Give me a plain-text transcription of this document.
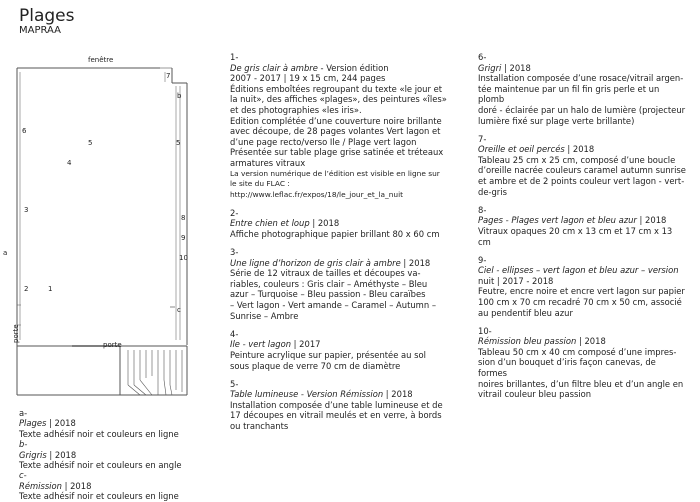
Plages
MAPRAA
fenêtre
a
b
c
porte
porte
1
2
3
4
5	5
6
7
8
9
10
1-
De gris clair à ambre - Version édition
2007 - 2017 | 19 x 15 cm, 244 pages
Éditions emboîtées regroupant du texte «le jour et
la nuit», des affiches «plages», des peintures «îles»
et des photographies «les iris».
Edition complétée d’une couverture noire brillante
avec découpe, de 28 pages volantes Vert lagon et
d’une page recto/verso Ile / Plage vert lagon
Présentée sur table plage grise satinée et tréteaux
armatures vitraux
La version numérique de l’édition est visible en ligne sur
le site du FLAC :
http://www.leflac.fr/expos/18/le_jour_et_la_nuit
2-
Entre chien et loup | 2018
Affiche photographique papier brillant 80 x 60 cm
3-
Une ligne d’horizon de gris clair à ambre | 2018
Série de 12 vitraux de tailles et découpes va-
riables, couleurs : Gris clair – Améthyste – Bleu
azur – Turquoise – Bleu passion - Bleu caraïbes
– Vert lagon - Vert amande – Caramel – Autumn –
Sunrise – Ambre
4-
Ile - vert lagon | 2017
Peinture acrylique sur papier, présentée au sol
sous plaque de verre 70 cm de diamètre
5-
Table lumineuse - Version Rémission | 2018
Installation composée d’une table lumineuse et de
17 découpes en vitrail meulés et en verre, à bords
ou tranchants
6-
Grigri | 2018
Installation composée d’une rosace/vitrail argen-
tée maintenue par un fil fin gris perle et un plomb
doré - éclairée par un halo de lumière (projecteur
lumière fixé sur plage verte brillante)
7-
Oreille et oeil percés | 2018
Tableau 25 cm x 25 cm, composé d’une boucle
d’oreille nacrée couleurs caramel autumn sunrise
et ambre et de 2 points couleur vert lagon - vert-
de-gris
8-
Pages - Plages vert lagon et bleu azur | 2018
Vitraux opaques 20 cm x 13 cm et 17 cm x 13 cm
9-
Ciel - ellipses – vert lagon et bleu azur – version
nuit | 2017 - 2018
Feutre, encre noire et encre vert lagon sur papier
100 cm x 70 cm recadré 70 cm x 50 cm, associé
au pendentif bleu azur
10-
Rémission bleu passion | 2018
Tableau 50 cm x 40 cm composé d’une impres-
sion d’un bouquet d’iris façon canevas, de formes
noires brillantes, d’un filtre bleu et d’un angle en
vitrail couleur bleu passion
a-
Plages | 2018
Texte adhésif noir et couleurs en ligne
b-
Grigris | 2018
Texte adhésif noir et couleurs en angle
c-
Rémission | 2018
Texte adhésif noir et couleurs en ligne
